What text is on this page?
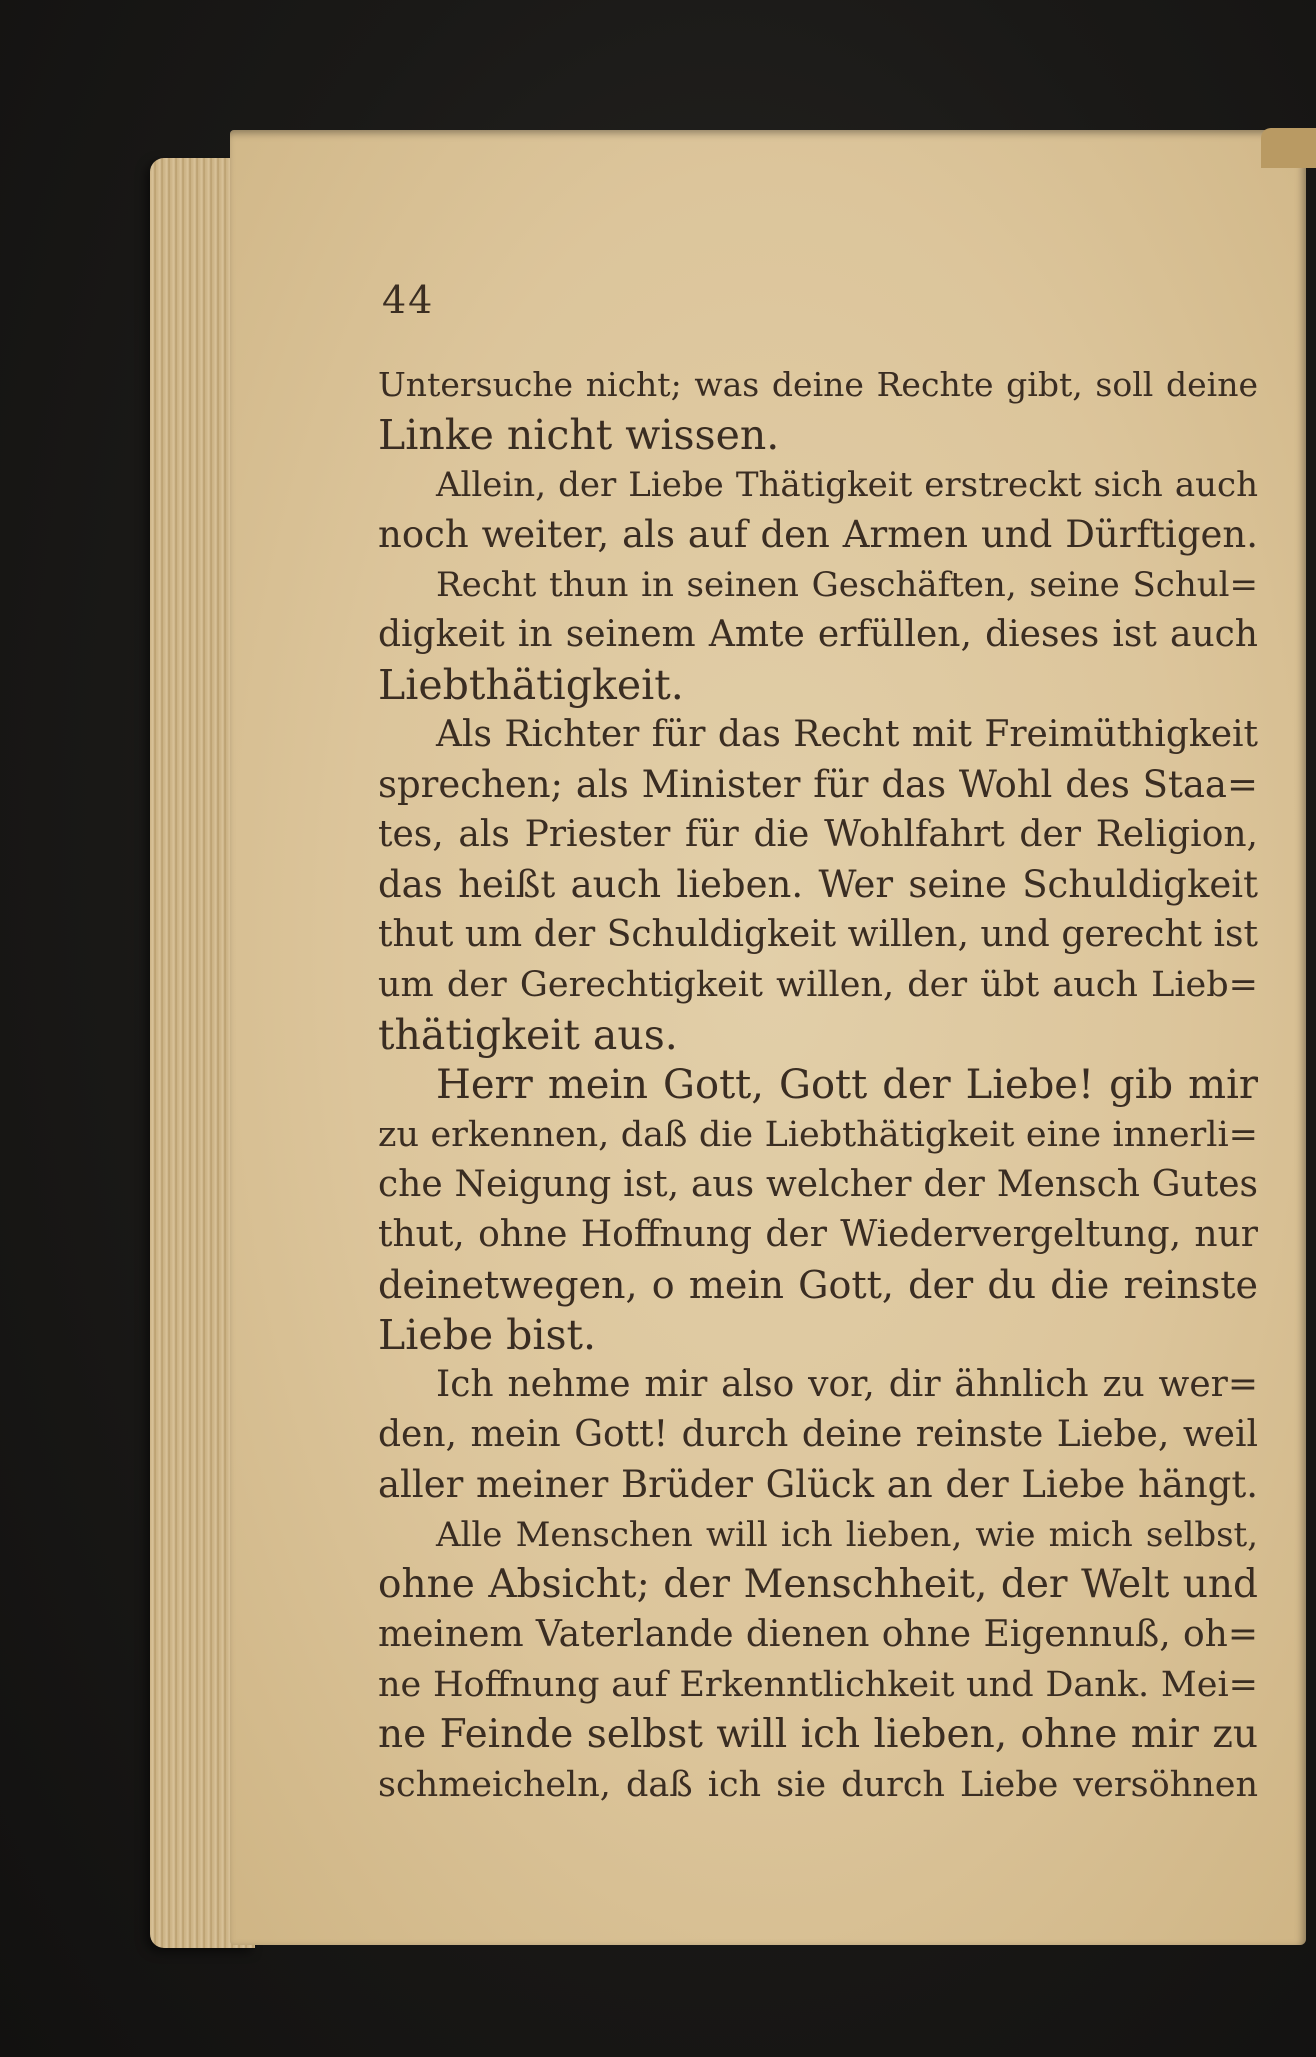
44
Untersuche nicht; was deine Rechte gibt, soll deine
Linke nicht wissen.
Allein, der Liebe Thätigkeit erstreckt sich auch
noch weiter, als auf den Armen und Dürftigen.
Recht thun in seinen Geschäften, seine Schul=
digkeit in seinem Amte erfüllen, dieses ist auch
Liebthätigkeit.
Als Richter für das Recht mit Freimüthigkeit
sprechen; als Minister für das Wohl des Staa=
tes, als Priester für die Wohlfahrt der Religion,
das heißt auch lieben. Wer seine Schuldigkeit
thut um der Schuldigkeit willen, und gerecht ist
um der Gerechtigkeit willen, der übt auch Lieb=
thätigkeit aus.
Herr mein Gott, Gott der Liebe! gib mir
zu erkennen, daß die Liebthätigkeit eine innerli=
che Neigung ist, aus welcher der Mensch Gutes
thut, ohne Hoffnung der Wiedervergeltung, nur
deinetwegen, o mein Gott, der du die reinste
Liebe bist.
Ich nehme mir also vor, dir ähnlich zu wer=
den, mein Gott! durch deine reinste Liebe, weil
aller meiner Brüder Glück an der Liebe hängt.
Alle Menschen will ich lieben, wie mich selbst,
ohne Absicht; der Menschheit, der Welt und
meinem Vaterlande dienen ohne Eigennuß, oh=
ne Hoffnung auf Erkenntlichkeit und Dank. Mei=
ne Feinde selbst will ich lieben, ohne mir zu
schmeicheln, daß ich sie durch Liebe versöhnen
